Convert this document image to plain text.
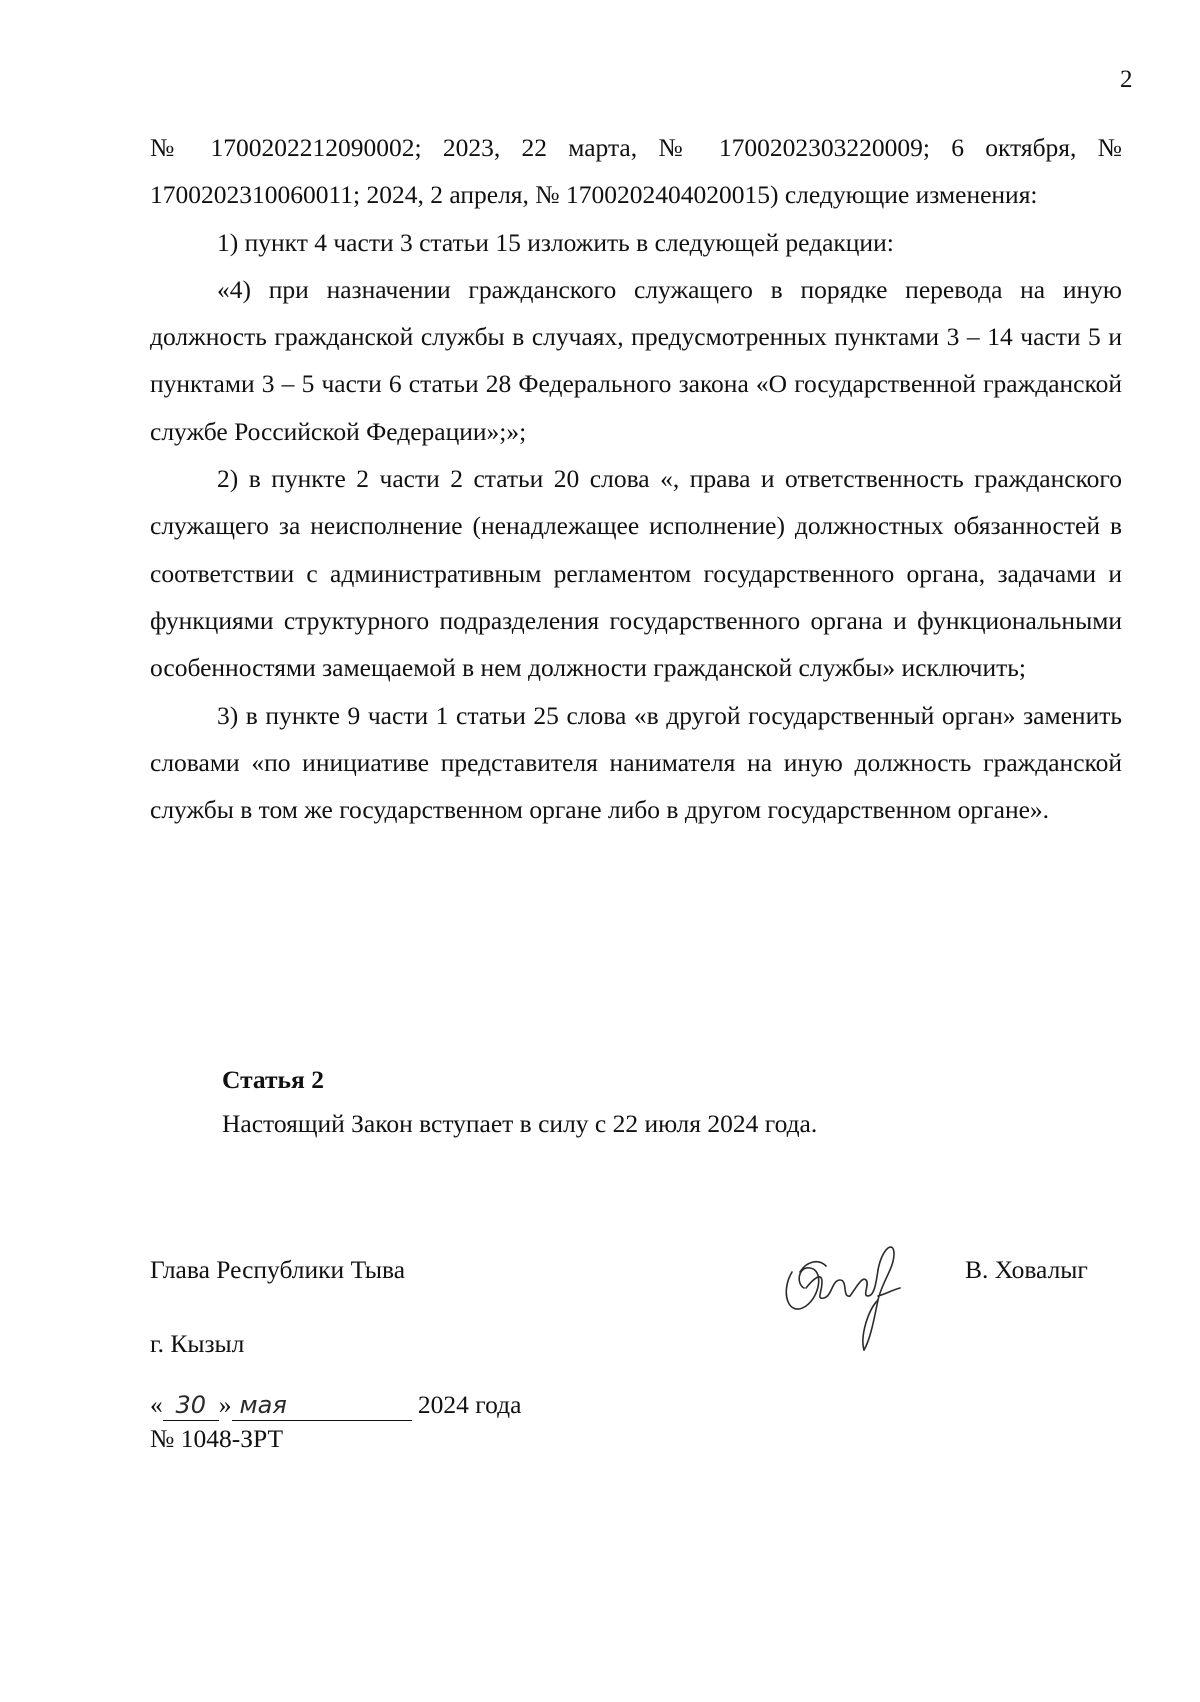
2

№ 1700202212090002; 2023, 22 марта, № 1700202303220009; 6 октября, № 1700202310060011; 2024, 2 апреля, № 1700202404020015) следующие изменения:

1) пункт 4 части 3 статьи 15 изложить в следующей редакции:

«4) при назначении гражданского служащего в порядке перевода на иную должность гражданской службы в случаях, предусмотренных пунктами 3 – 14 части 5 и пунктами 3 – 5 части 6 статьи 28 Федерального закона «О государственной гражданской службе Российской Федерации»;»;

2) в пункте 2 части 2 статьи 20 слова «, права и ответственность гражданского служащего за неисполнение (ненадлежащее исполнение) должностных обязанностей в соответствии с административным регламентом государственного органа, задачами и функциями структурного подразделения государственного органа и функциональными особенностями замещаемой в нем должности гражданской службы» исключить;

3) в пункте 9 части 1 статьи 25 слова «в другой государственный орган» заменить словами «по инициативе представителя нанимателя на иную должность гражданской службы в том же государственном органе либо в другом государственном органе».

Статья 2
Настоящий Закон вступает в силу с 22 июля 2024 года.
Глава Республики Тыва	В. Ховалыг
г. Кызыл
« 30 » мая	2024 года
№ 1048-ЗРТ
